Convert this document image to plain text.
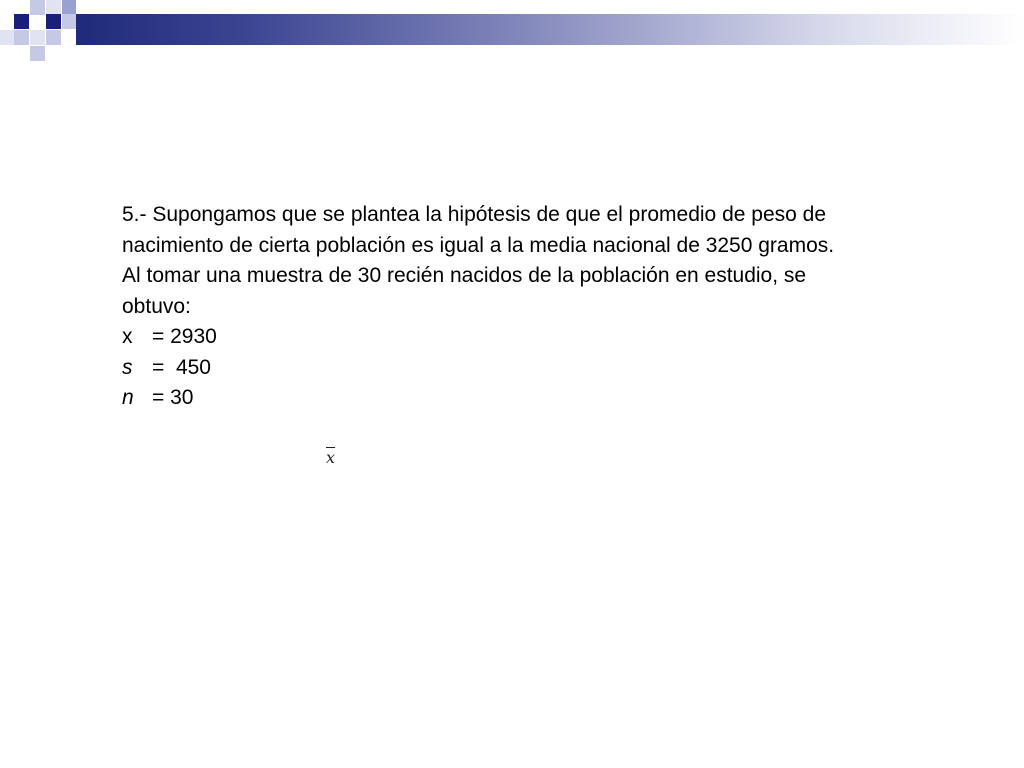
5.- Supongamos que se plantea la hipótesis de que el promedio de peso de nacimiento de cierta población es igual a la media nacional de 3250 gramos.

Al tomar una muestra de 30 recién nacidos de la población en estudio, se obtuvo:

x = 2930
s = 450
n = 30
$\overline{x}$
